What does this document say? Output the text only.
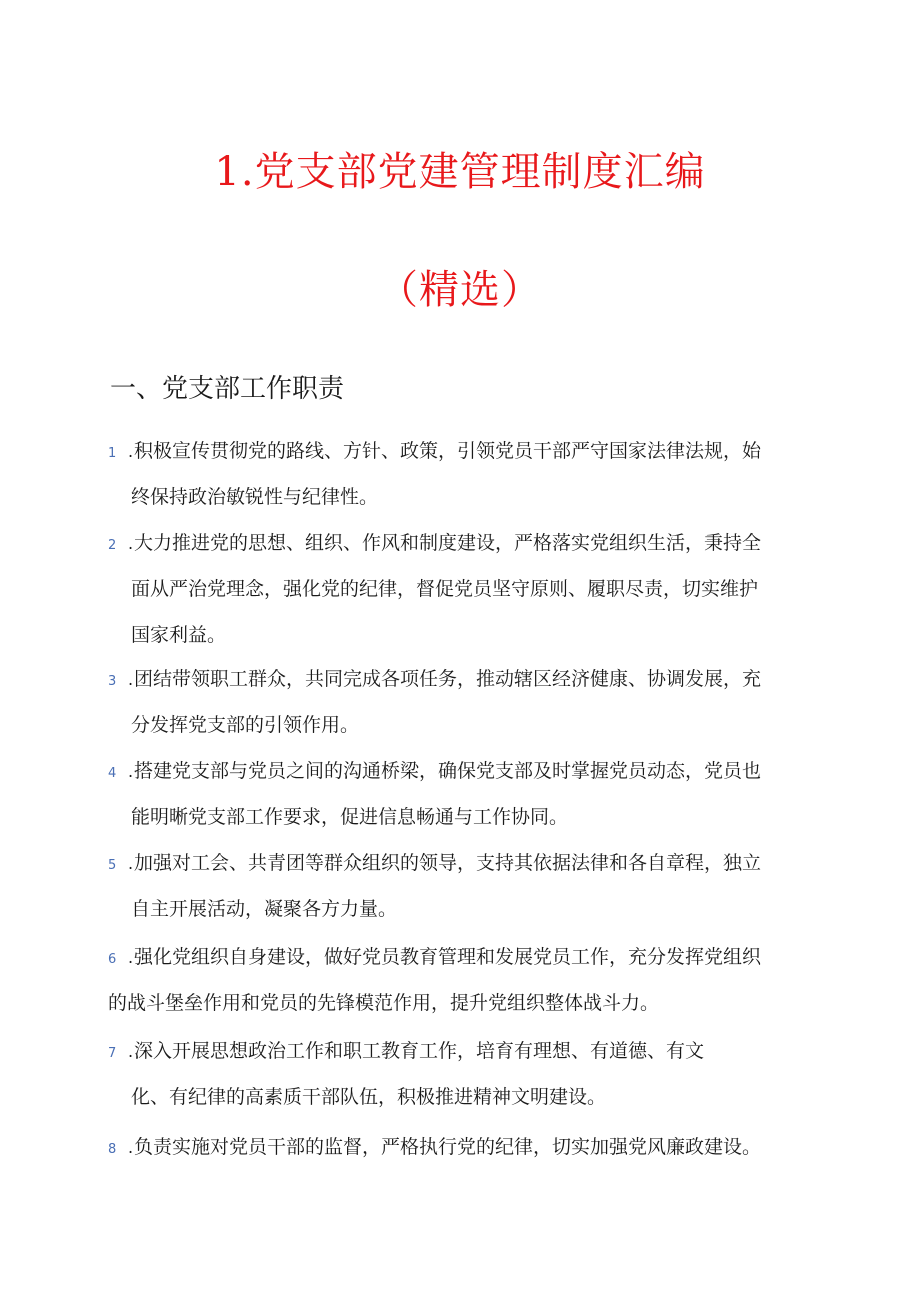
1.党支部党建管理制度汇编
（精选）
一、党支部工作职责
1 .积极宣传贯彻党的路线、方针、政策，引领党员干部严守国家法律法规，始
终保持政治敏锐性与纪律性。
2 .大力推进党的思想、组织、作风和制度建设，严格落实党组织生活，秉持全
面从严治党理念，强化党的纪律，督促党员坚守原则、履职尽责，切实维护
国家利益。
3 .团结带领职工群众，共同完成各项任务，推动辖区经济健康、协调发展，充
分发挥党支部的引领作用。
4 .搭建党支部与党员之间的沟通桥梁，确保党支部及时掌握党员动态，党员也
能明晰党支部工作要求，促进信息畅通与工作协同。
5 .加强对工会、共青团等群众组织的领导，支持其依据法律和各自章程，独立
自主开展活动，凝聚各方力量。
6 .强化党组织自身建设，做好党员教育管理和发展党员工作，充分发挥党组织
的战斗堡垒作用和党员的先锋模范作用，提升党组织整体战斗力。
7 .深入开展思想政治工作和职工教育工作，培育有理想、有道德、有文
化、有纪律的高素质干部队伍，积极推进精神文明建设。
8 .负责实施对党员干部的监督，严格执行党的纪律，切实加强党风廉政建设。
